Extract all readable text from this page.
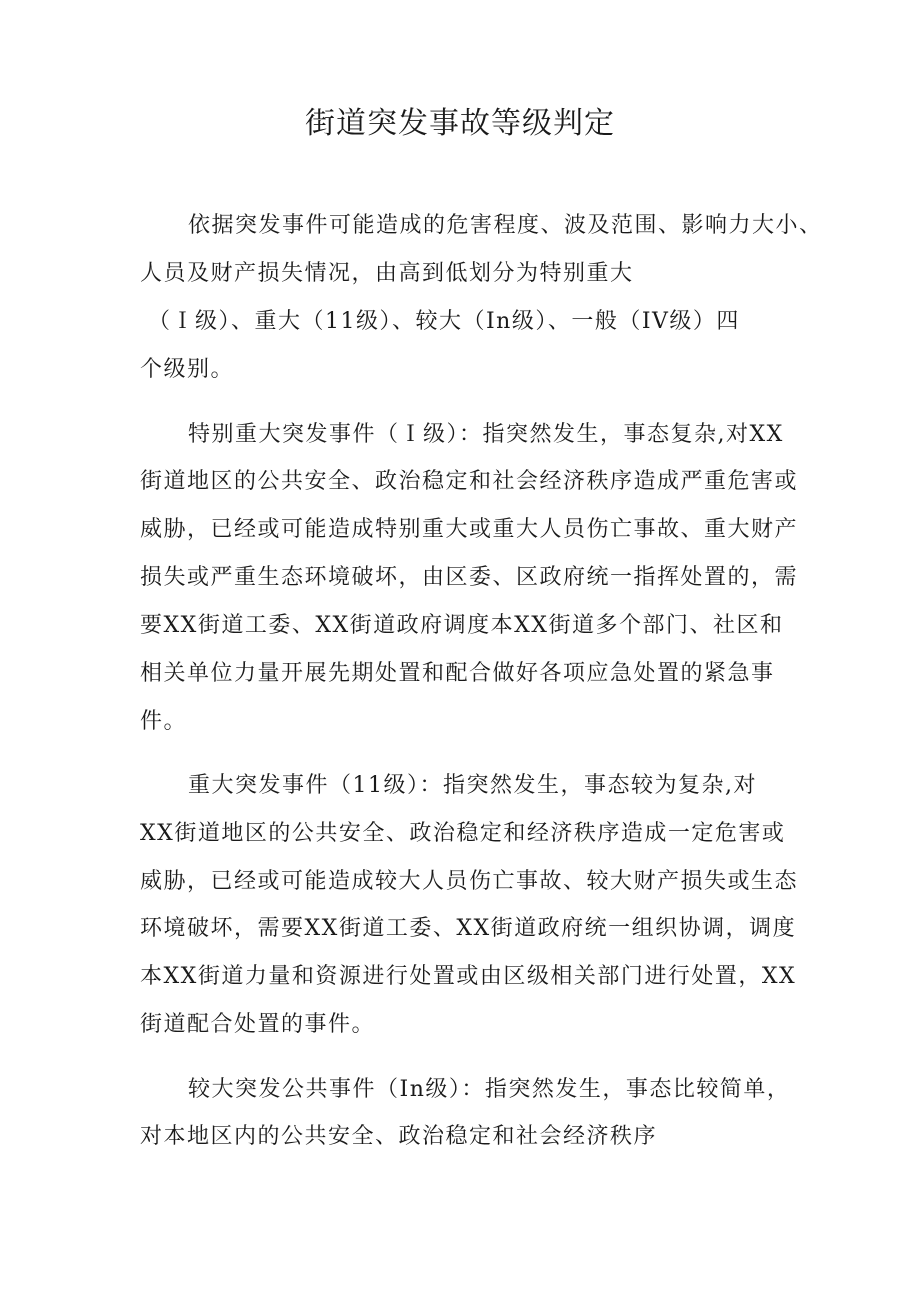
街道突发事故等级判定
依据突发事件可能造成的危害程度、波及范围、影响力大小、
人员及财产损失情况，由高到低划分为特别重大
（Ｉ级）、重大（11级）、较大（In级）、一般（IV级）四
个级别。
特别重大突发事件（Ｉ级）：指突然发生，事态复杂,对XX
街道地区的公共安全、政治稳定和社会经济秩序造成严重危害或
威胁，已经或可能造成特别重大或重大人员伤亡事故、重大财产
损失或严重生态环境破坏，由区委、区政府统一指挥处置的，需
要XX街道工委、XX街道政府调度本XX街道多个部门、社区和
相关单位力量开展先期处置和配合做好各项应急处置的紧急事
件。
重大突发事件（11级）：指突然发生，事态较为复杂,对
XX街道地区的公共安全、政治稳定和经济秩序造成一定危害或
威胁，已经或可能造成较大人员伤亡事故、较大财产损失或生态
环境破坏，需要XX街道工委、XX街道政府统一组织协调，调度
本XX街道力量和资源进行处置或由区级相关部门进行处置，XX
街道配合处置的事件。
较大突发公共事件（In级）：指突然发生，事态比较简单，
对本地区内的公共安全、政治稳定和社会经济秩序
